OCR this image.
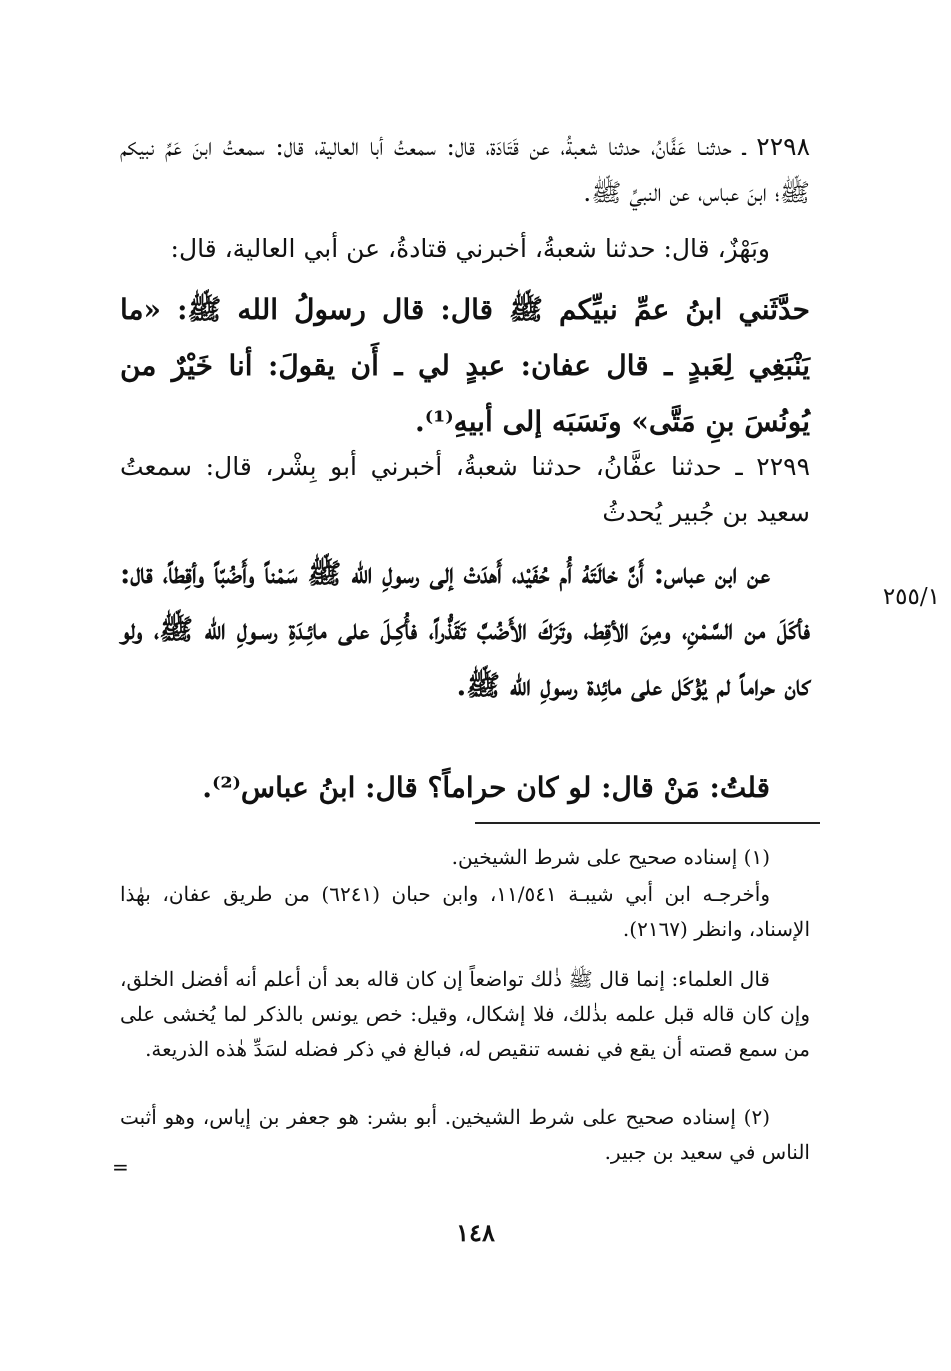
٢٢٩٨ ـ حدثنـا عَفَّانُ، حدثنا شعبةُ، عن قَتَادَة، قال: سمعتُ أبا العالية، قال: سمعتُ ابنَ عَمِّ نبيكم ﷺ؛ ابنَ عباس، عن النبيِّ ﷺ.
وبَهْزٌ، قال: حدثنا شعبةُ، أخبرني قتادةُ، عن أبي العالية، قال:
حدَّثَني ابنُ عمِّ نبيِّكم ﷺ قال: قال رسولُ الله ﷺ: «ما يَنْبَغِي لِعَبدٍ ـ قال عفان: عبدٍ لي ـ أَن يقولَ: أنا خَيْرٌ من يُونُسَ بنِ مَتَّى» ونَسَبَه إلى أبيهِ⁽¹⁾.
٢٢٩٩ ـ حدثنا عفَّانُ، حدثنا شعبةُ، أخبرني أبو بِشْر، قال: سمعتُ سعيد بن جُبير يُحدثُ
٢٥٥/١
عن ابن عباس: أَنَّ خالَتَهُ أُم حُفَيْد، أَهدَتْ إلى رسولِ الله ﷺ سَمْناً وأَضُبّاً وأقِطاً، قال: فأكَلَ من السَّمْنِ، ومِنَ الأقِط، وتَرَكَ الأَضُبَّ تَقَذُّراً، فأُكِـلَ على مائِـدَةِ رسـولِ الله ﷺ، ولو كان حراماً لم يُؤْكَل على مائِدة رسولِ الله ﷺ.
قلتُ: مَنْ قال: لو كان حراماً؟ قال: ابنُ عباس⁽²⁾.
(١) إسناده صحيح على شرط الشيخين.
وأخرجـه ابن أبي شيبـة ١١/٥٤١، وابن حبان (٦٢٤١) من طريق عفان، بهٰذا الإسناد، وانظر (٢١٦٧).
قال العلماء: إنما قال ﷺ ذٰلك تواضعاً إن كان قاله بعد أن أعلم أنه أفضل الخلق، وإن كان قاله قبل علمه بذٰلك، فلا إشكال، وقيل: خص يونس بالذكر لما يُخشى على من سمع قصته أن يقع في نفسه تنقيص له، فبالغ في ذكر فضله لسَدِّ هٰذه الذريعة.
(٢) إسناده صحيح على شرط الشيخين. أبو بشر: هو جعفر بن إياس، وهو أثبت الناس في سعيد بن جبير.
=
١٤٨
